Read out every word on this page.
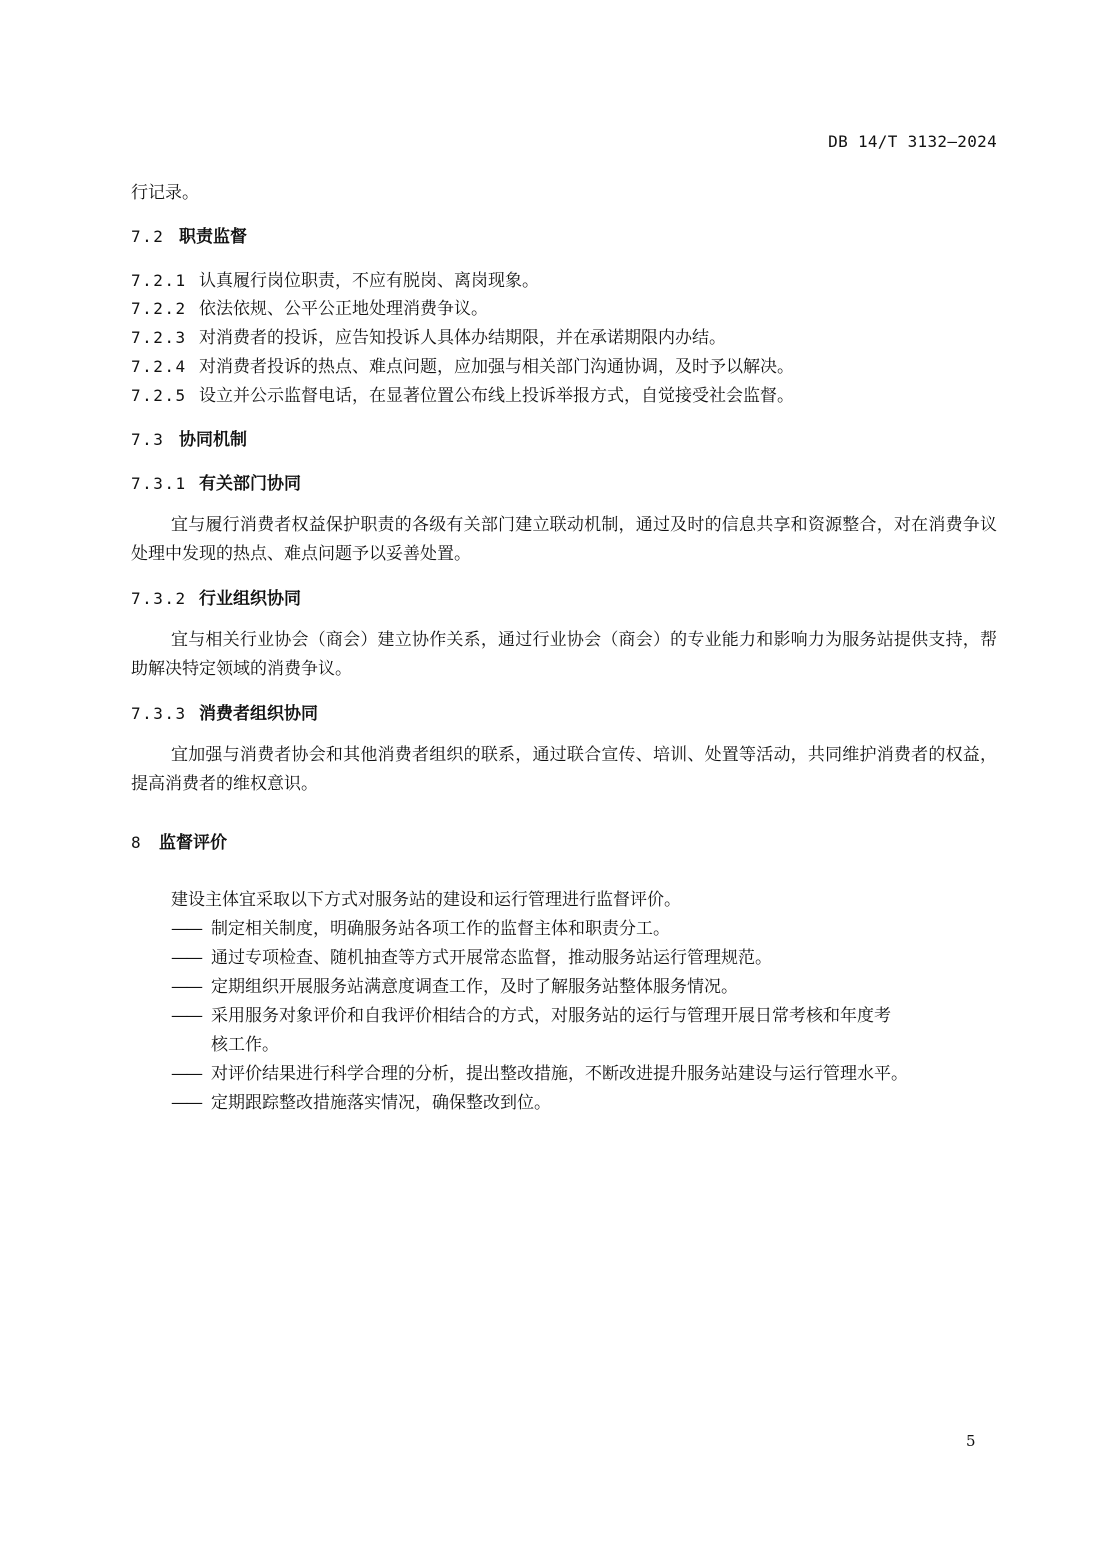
DB 14/T 3132—2024
行记录。
7.2 职责监督
7.2.1 认真履行岗位职责，不应有脱岗、离岗现象。
7.2.2 依法依规、公平公正地处理消费争议。
7.2.3 对消费者的投诉，应告知投诉人具体办结期限，并在承诺期限内办结。
7.2.4 对消费者投诉的热点、难点问题，应加强与相关部门沟通协调，及时予以解决。
7.2.5 设立并公示监督电话，在显著位置公布线上投诉举报方式，自觉接受社会监督。
7.3 协同机制
7.3.1 有关部门协同
宜与履行消费者权益保护职责的各级有关部门建立联动机制，通过及时的信息共享和资源整合，对在消费争议处理中发现的热点、难点问题予以妥善处置。
7.3.2 行业组织协同
宜与相关行业协会（商会）建立协作关系，通过行业协会（商会）的专业能力和影响力为服务站提供支持，帮助解决特定领域的消费争议。
7.3.3 消费者组织协同
宜加强与消费者协会和其他消费者组织的联系，通过联合宣传、培训、处置等活动，共同维护消费者的权益，提高消费者的维权意识。
8 监督评价
建设主体宜采取以下方式对服务站的建设和运行管理进行监督评价。
—— 制定相关制度，明确服务站各项工作的监督主体和职责分工。
—— 通过专项检查、随机抽查等方式开展常态监督，推动服务站运行管理规范。
—— 定期组织开展服务站满意度调查工作，及时了解服务站整体服务情况。
—— 采用服务对象评价和自我评价相结合的方式，对服务站的运行与管理开展日常考核和年度考
核工作。
—— 对评价结果进行科学合理的分析，提出整改措施，不断改进提升服务站建设与运行管理水平。
—— 定期跟踪整改措施落实情况，确保整改到位。
5
